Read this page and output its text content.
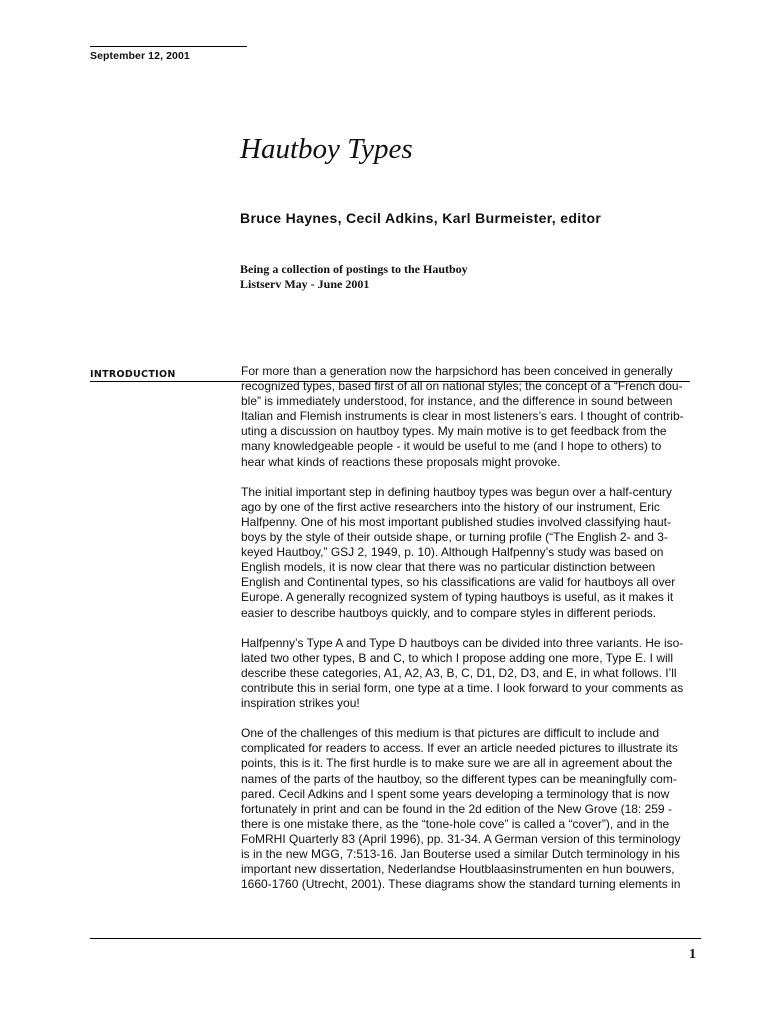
September 12, 2001
Hautboy Types
Bruce Haynes, Cecil Adkins, Karl Burmeister, editor
Being a collection of postings to the Hautboy
Listserv May - June 2001
INTRODUCTION	For more than a generation now the harpsichord has been conceived in generally
recognized types, based first of all on national styles; the concept of a “French dou-
ble” is immediately understood, for instance, and the difference in sound between
Italian and Flemish instruments is clear in most listeners’s ears. I thought of contrib-
uting a discussion on hautboy types. My main motive is to get feedback from the
many knowledgeable people - it would be useful to me (and I hope to others) to
hear what kinds of reactions these proposals might provoke.
The initial important step in defining hautboy types was begun over a half-century
ago by one of the first active researchers into the history of our instrument, Eric
Halfpenny. One of his most important published studies involved classifying haut-
boys by the style of their outside shape, or turning profile (“The English 2- and 3-
keyed Hautboy,” GSJ 2, 1949, p. 10). Although Halfpenny’s study was based on
English models, it is now clear that there was no particular distinction between
English and Continental types, so his classifications are valid for hautboys all over
Europe. A generally recognized system of typing hautboys is useful, as it makes it
easier to describe hautboys quickly, and to compare styles in different periods.
Halfpenny’s Type A and Type D hautboys can be divided into three variants. He iso-
lated two other types, B and C, to which I propose adding one more, Type E. I will
describe these categories, A1, A2, A3, B, C, D1, D2, D3, and E, in what follows. I’ll
contribute this in serial form, one type at a time. I look forward to your comments as
inspiration strikes you!
One of the challenges of this medium is that pictures are difficult to include and
complicated for readers to access. If ever an article needed pictures to illustrate its
points, this is it. The first hurdle is to make sure we are all in agreement about the
names of the parts of the hautboy, so the different types can be meaningfully com-
pared. Cecil Adkins and I spent some years developing a terminology that is now
fortunately in print and can be found in the 2d edition of the New Grove (18: 259 -
there is one mistake there, as the “tone-hole cove” is called a “cover”), and in the
FoMRHI Quarterly 83 (April 1996), pp. 31-34. A German version of this terminology
is in the new MGG, 7:513-16. Jan Bouterse used a similar Dutch terminology in his
important new dissertation, Nederlandse Houtblaasinstrumenten en hun bouwers,
1660-1760 (Utrecht, 2001). These diagrams show the standard turning elements in
1
